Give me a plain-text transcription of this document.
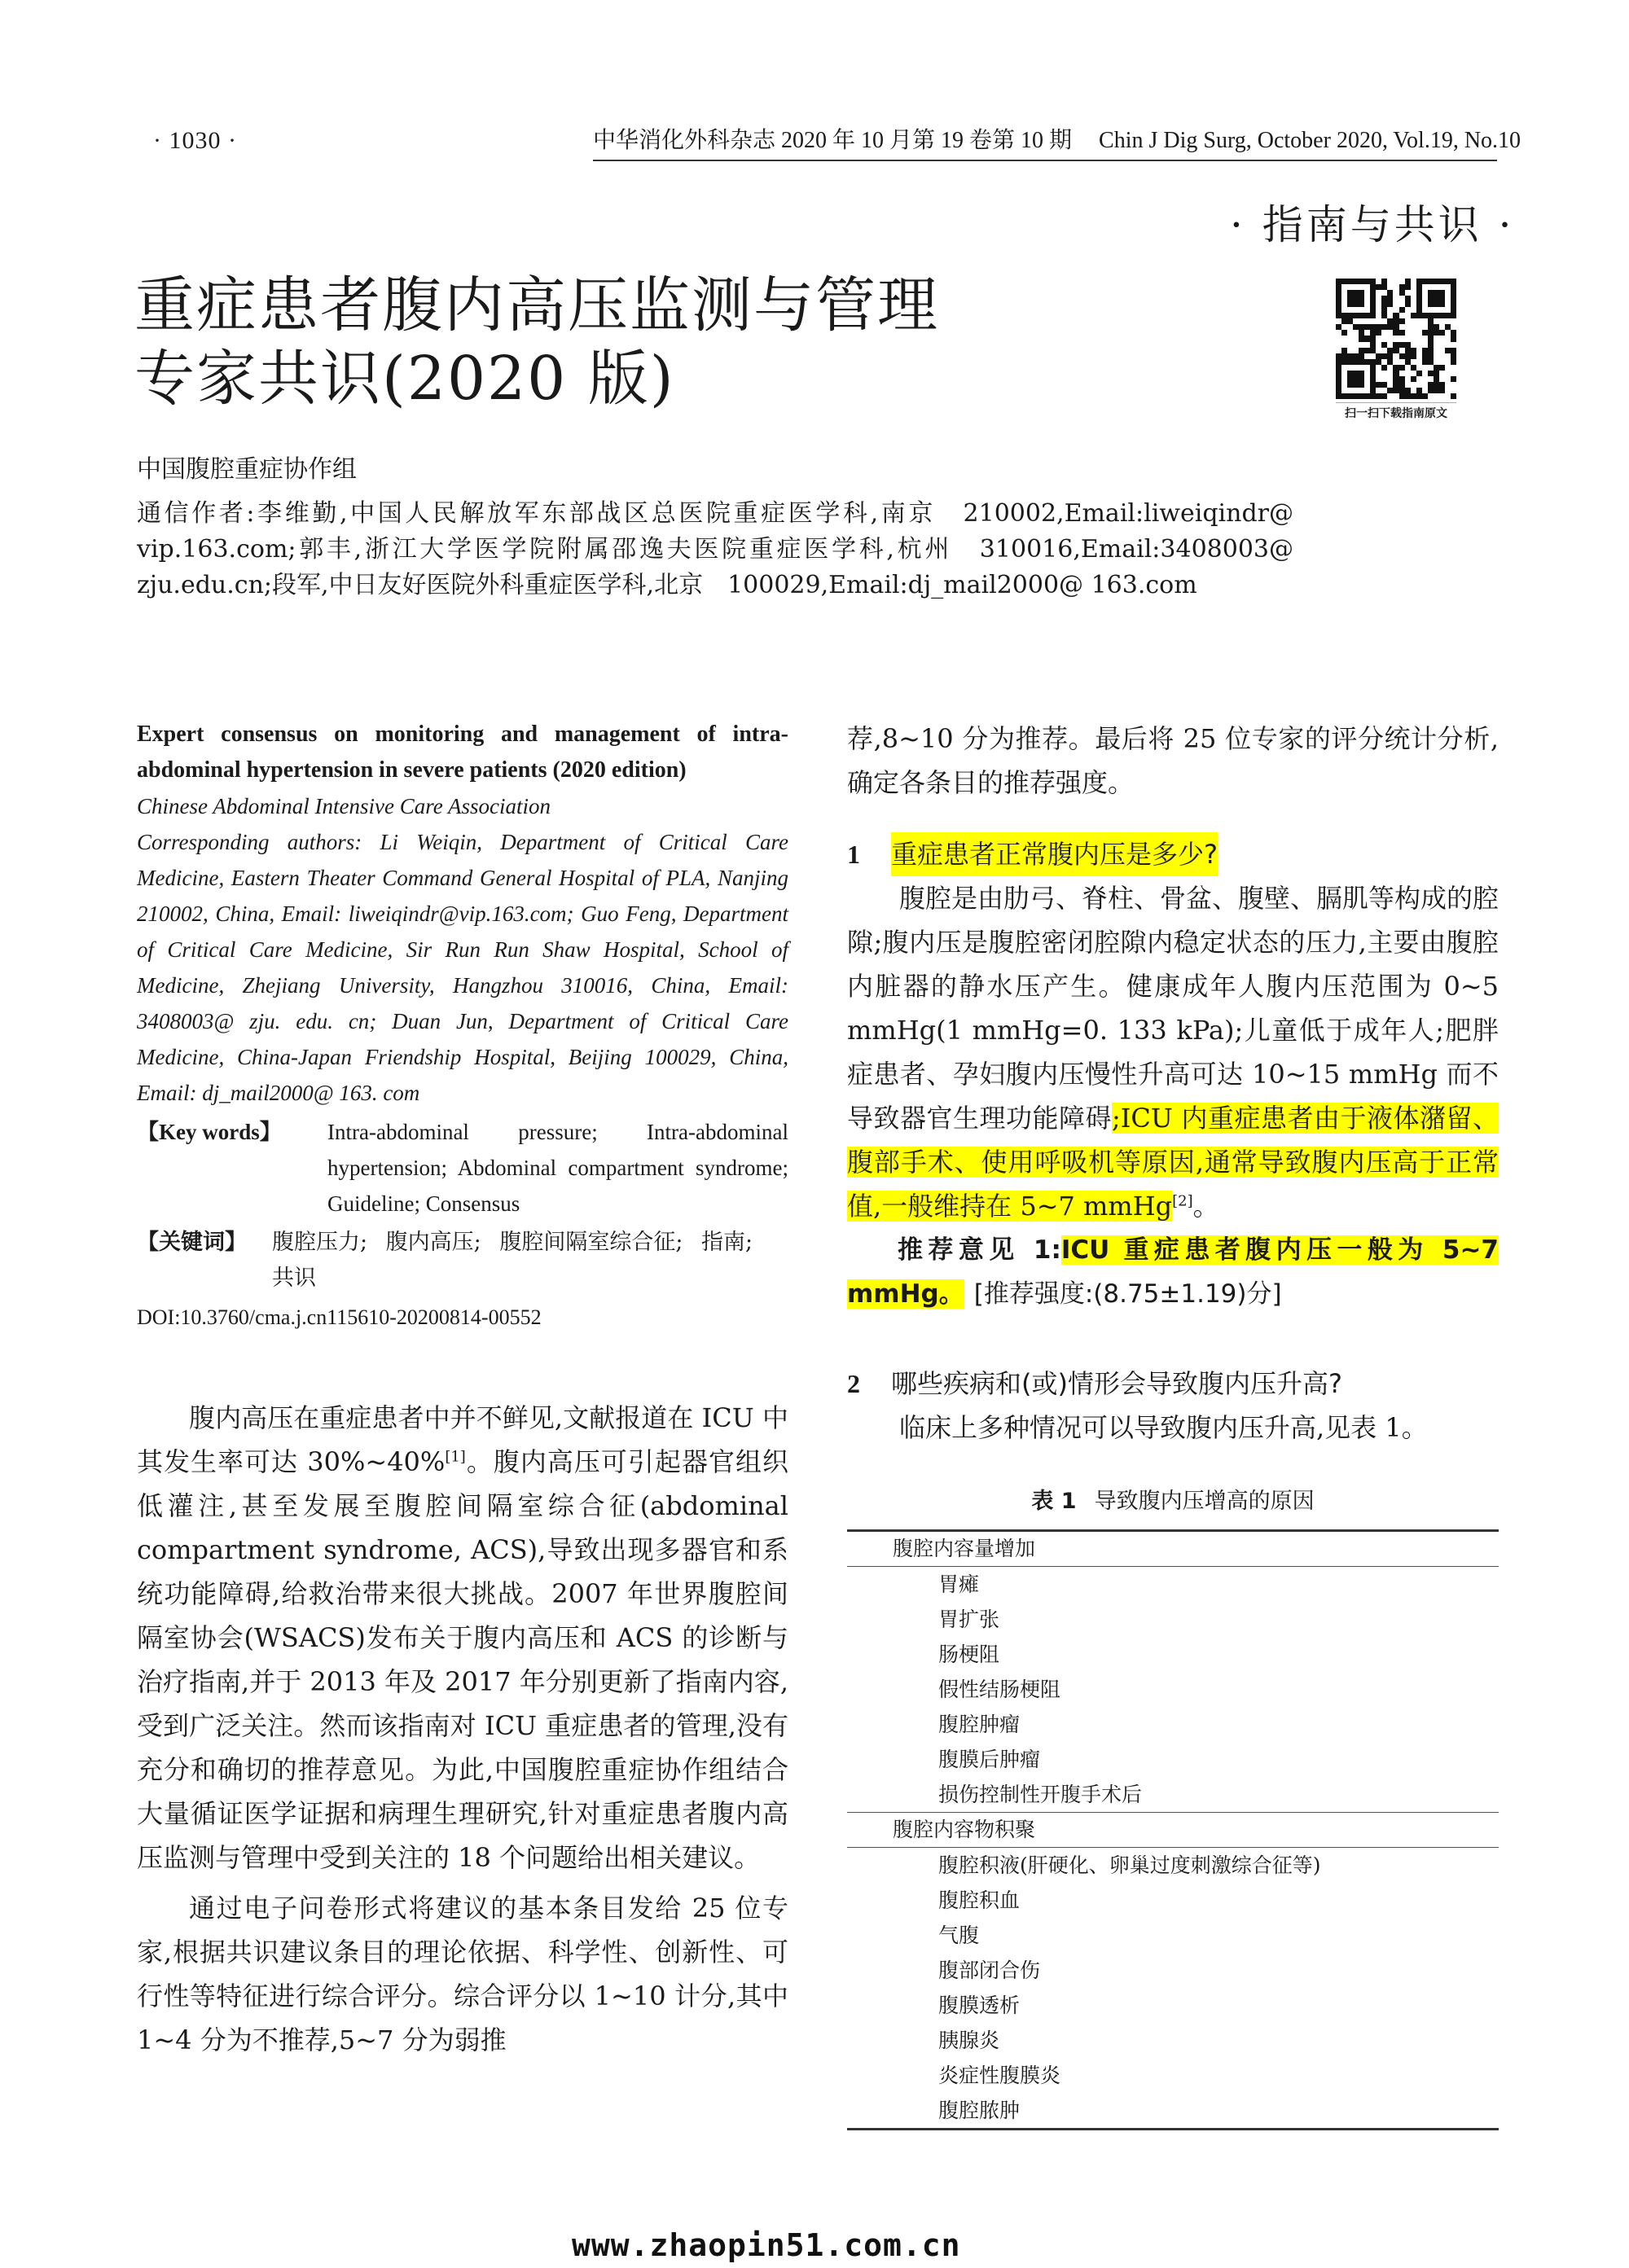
· 1030 ·	中华消化外科杂志 2020 年 10 月第 19 卷第 10 期 Chin J Dig Surg, October 2020, Vol.19, No.10
· 指南与共识 ·
重症患者腹内高压监测与管理
专家共识(2020 版)	扫一扫下载指南原文
中国腹腔重症协作组

通信作者:李维勤,中国人民解放军东部战区总医院重症医学科,南京　210002,Email:liweiqindr@ vip.163.com;郭丰,浙江大学医学院附属邵逸夫医院重症医学科,杭州　310016,Email:3408003@ zju.edu.cn;段军,中日友好医院外科重症医学科,北京　100029,Email:dj_mail2000@ 163.com

Expert consensus on monitoring and management of intra-abdominal hypertension in severe patients (2020 edition)
Chinese Abdominal Intensive Care Association
Corresponding authors: Li Weiqin, Department of Critical Care Medicine, Eastern Theater Command General Hospital of PLA, Nanjing 210002, China, Email: liweiqindr@vip.163.com; Guo Feng, Department of Critical Care Medicine, Sir Run Run Shaw Hospital, School of Medicine, Zhejiang University, Hangzhou 310016, China, Email: 3408003@ zju. edu. cn; Duan Jun, Department of Critical Care Medicine, China-Japan Friendship Hospital, Beijing 100029, China, Email: dj_mail2000@ 163. com
【Key words】	Intra-abdominal pressure; Intra-abdominal hypertension; Abdominal compartment syndrome; Guideline; Consensus
【关键词】	腹腔压力; 腹内高压; 腹腔间隔室综合征; 指南; 共识
DOI:10.3760/cma.j.cn115610-20200814-00552

腹内高压在重症患者中并不鲜见,文献报道在 ICU 中其发生率可达 30%~40%[1]。腹内高压可引起器官组织低灌注,甚至发展至腹腔间隔室综合征(abdominal compartment syndrome, ACS),导致出现多器官和系统功能障碍,给救治带来很大挑战。2007 年世界腹腔间隔室协会(WSACS)发布关于腹内高压和 ACS 的诊断与治疗指南,并于 2013 年及 2017 年分别更新了指南内容,受到广泛关注。然而该指南对 ICU 重症患者的管理,没有充分和确切的推荐意见。为此,中国腹腔重症协作组结合大量循证医学证据和病理生理研究,针对重症患者腹内高压监测与管理中受到关注的 18 个问题给出相关建议。

通过电子问卷形式将建议的基本条目发给 25 位专家,根据共识建议条目的理论依据、科学性、创新性、可行性等特征进行综合评分。综合评分以 1~10 计分,其中 1~4 分为不推荐,5~7 分为弱推

荐,8~10 分为推荐。最后将 25 位专家的评分统计分析,确定各条目的推荐强度。

1	重症患者正常腹内压是多少?

腹腔是由肋弓、脊柱、骨盆、腹壁、膈肌等构成的腔隙;腹内压是腹腔密闭腔隙内稳定状态的压力,主要由腹腔内脏器的静水压产生。健康成年人腹内压范围为 0~5 mmHg(1 mmHg=0. 133 kPa);儿童低于成年人;肥胖症患者、孕妇腹内压慢性升高可达 10~15 mmHg 而不导致器官生理功能障碍;ICU 内重症患者由于液体潴留、腹部手术、使用呼吸机等原因,通常导致腹内压高于正常值,一般维持在 5~7 mmHg[2]。

推荐意见 1:ICU 重症患者腹内压一般为 5~7 mmHg。 [推荐强度:(8.75±1.19)分]

2	哪些疾病和(或)情形会导致腹内压升高?

临床上多种情况可以导致腹内压升高,见表 1。

表 1 导致腹内压增高的原因
腹腔内容量增加
胃瘫
胃扩张
肠梗阻
假性结肠梗阻
腹腔肿瘤
腹膜后肿瘤
损伤控制性开腹手术后
腹腔内容物积聚
腹腔积液(肝硬化、卵巢过度刺激综合征等)
腹腔积血
气腹
腹部闭合伤
腹膜透析
胰腺炎
炎症性腹膜炎
腹腔脓肿
www.zhaopin51.com.cn
